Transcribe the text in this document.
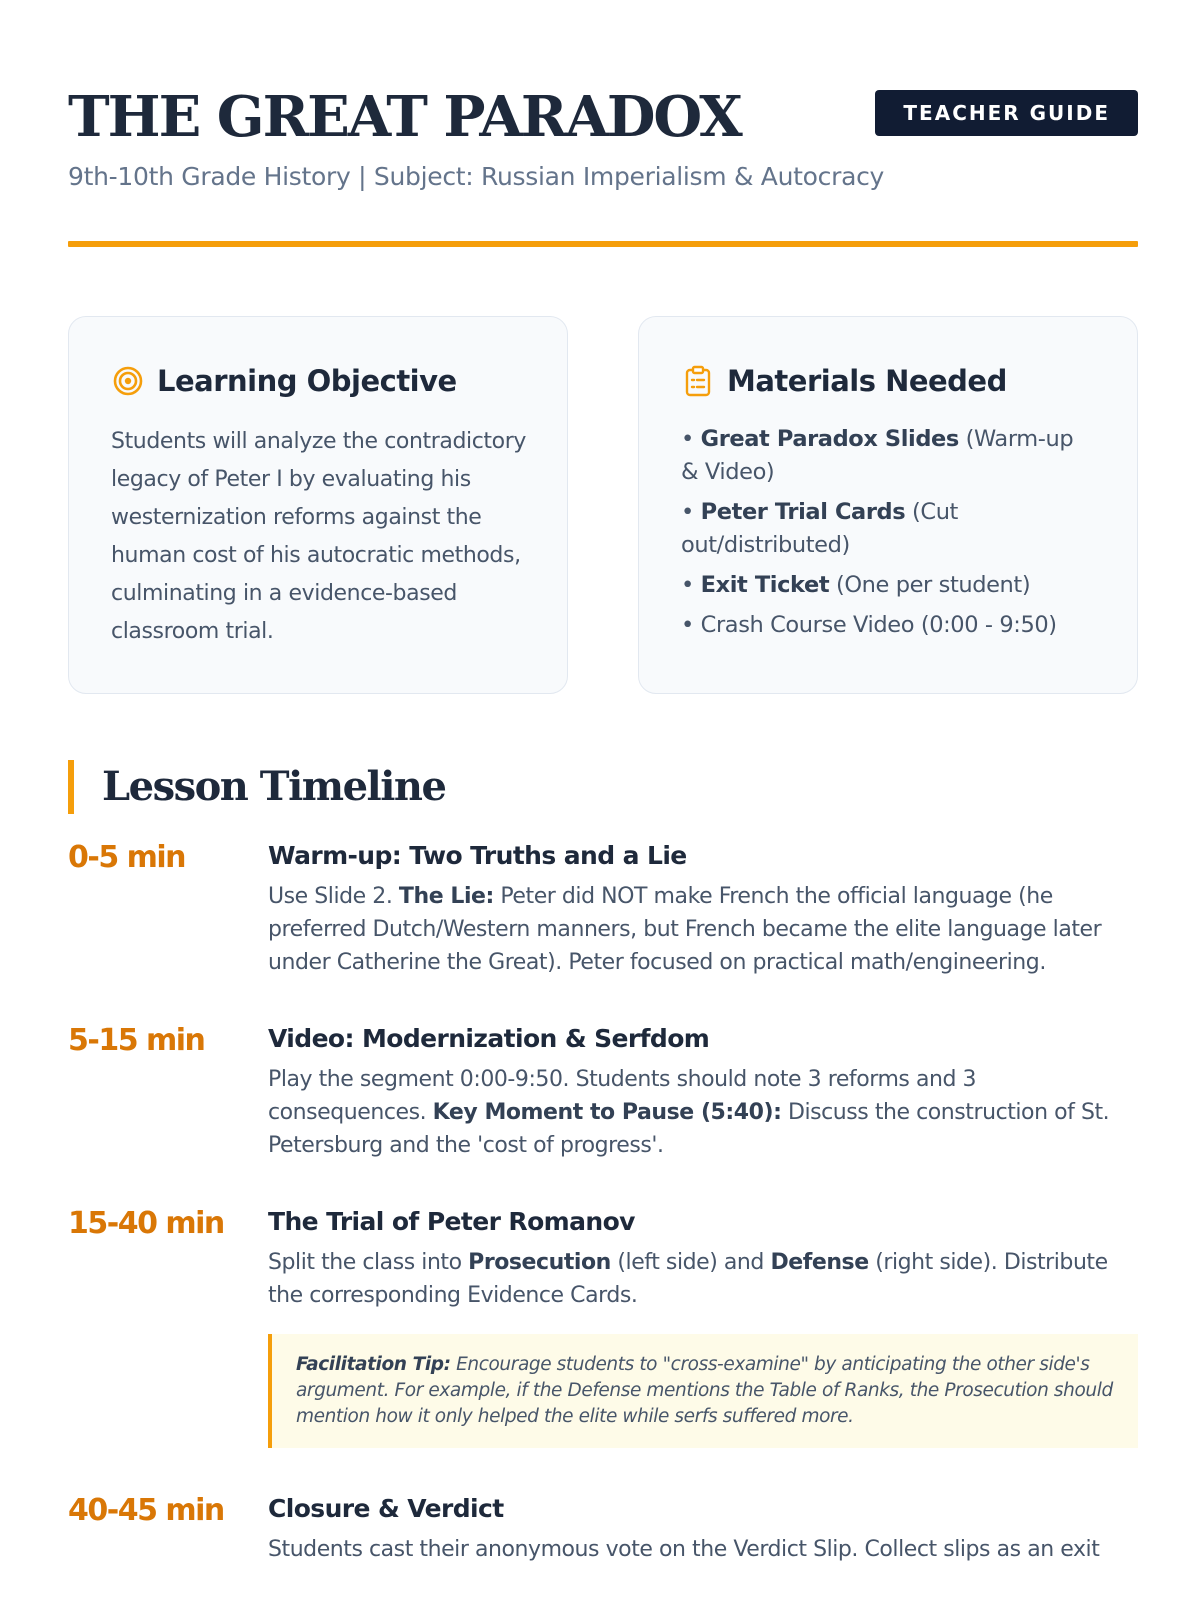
THE GREAT PARADOX	TEACHER GUIDE
9th-10th Grade History | Subject: Russian Imperialism & Autocracy
Learning Objective
Students will analyze the contradictory legacy of Peter I by evaluating his westernization reforms against the human cost of his autocratic methods, culminating in a evidence-based classroom trial.
Materials Needed
• Great Paradox Slides (Warm-up & Video)
• Peter Trial Cards (Cut out/distributed)
• Exit Ticket (One per student)
• Crash Course Video (0:00 - 9:50)
Lesson Timeline
0-5 min	Warm-up: Two Truths and a Lie
Use Slide 2. The Lie: Peter did NOT make French the official language (he preferred Dutch/Western manners, but French became the elite language later under Catherine the Great). Peter focused on practical math/engineering.
5-15 min	Video: Modernization & Serfdom
Play the segment 0:00-9:50. Students should note 3 reforms and 3 consequences. Key Moment to Pause (5:40): Discuss the construction of St. Petersburg and the 'cost of progress'.
15-40 min The Trial of Peter Romanov
Split the class into Prosecution (left side) and Defense (right side). Distribute the corresponding Evidence Cards.
Facilitation Tip: Encourage students to "cross-examine" by anticipating the other side's argument. For example, if the Defense mentions the Table of Ranks, the Prosecution should mention how it only helped the elite while serfs suffered more.
40-45 min Closure & Verdict
Students cast their anonymous vote on the Verdict Slip. Collect slips as an exit
